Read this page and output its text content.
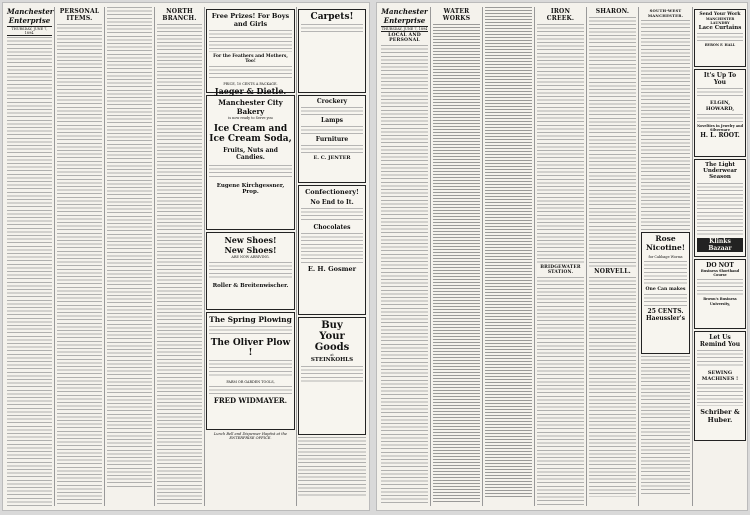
Manchester Enterprise
THURSDAY, JUNE 7, 1894.
PERSONAL ITEMS.
NORTH BRANCH.	Free Prizes! For Boys and Girls
For the Feathers and Mothers, Too!
PRICE, 10 CENTS A PACKAGE.
Jaeger & Dietle.
Manchester City Bakery
is now ready to Serve you
Ice Cream and
Ice Cream Soda,
Fruits, Nuts and Candies.
Eugene Kirchgessner, Prop.
New Shoes!
New Shoes!
ARE NOW ARRIVING.
Roller & Breitenwischer.
The Spring Plowing
The Oliver Plow !
FARM OR GARDEN TOOLS,
FRED WIDMAYER.
Lunch Bell and Dispenser Haptist at the ENTERPRISE OFFICE.
Carpets!
Crockery
Lamps
Furniture
E. C. JENTER
Confectionery!
No End to It.
Chocolates
E. H. Gosmer
Buy
Your
Goods
at
STEINKOHLS
Manchester Enterprise
THURSDAY, JUNE 7, 1894
LOCAL AND PERSONAL
WATER WORKS
IRON CREEK.
BRIDGEWATER STATION.
SHARON.
NORVELL.
SOUTH-WEST MANCHESTER.
Rose Nicotine!
for Cabbage Worms
One Can makes
25 CENTS.
Haeussler's
Send Your Work
MANCHESTER LAUNDRY
Lace Curtains
BYRON F. HALL
It's Up To You
ELGIN, HOWARD,
Novelties in Jewelry and Silverware
H. L. ROOT.
The Light Underwear Season
Klinks Bazaar
DO NOT
Business Shorthand Course
Brown's Business University,
Let Us Remind You
SEWING MACHINES !
Schriber & Huber.
